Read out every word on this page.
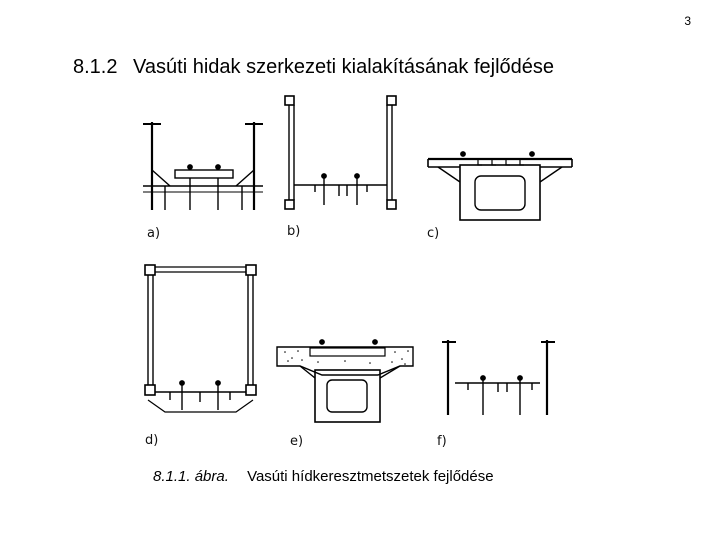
3
8.1.2 Vasúti hidak szerkezeti kialakításának fejlődése
a)	b)	c)
d)	e)	f)
8.1.1. ábra. Vasúti hídkeresztmetszetek fejlődése
